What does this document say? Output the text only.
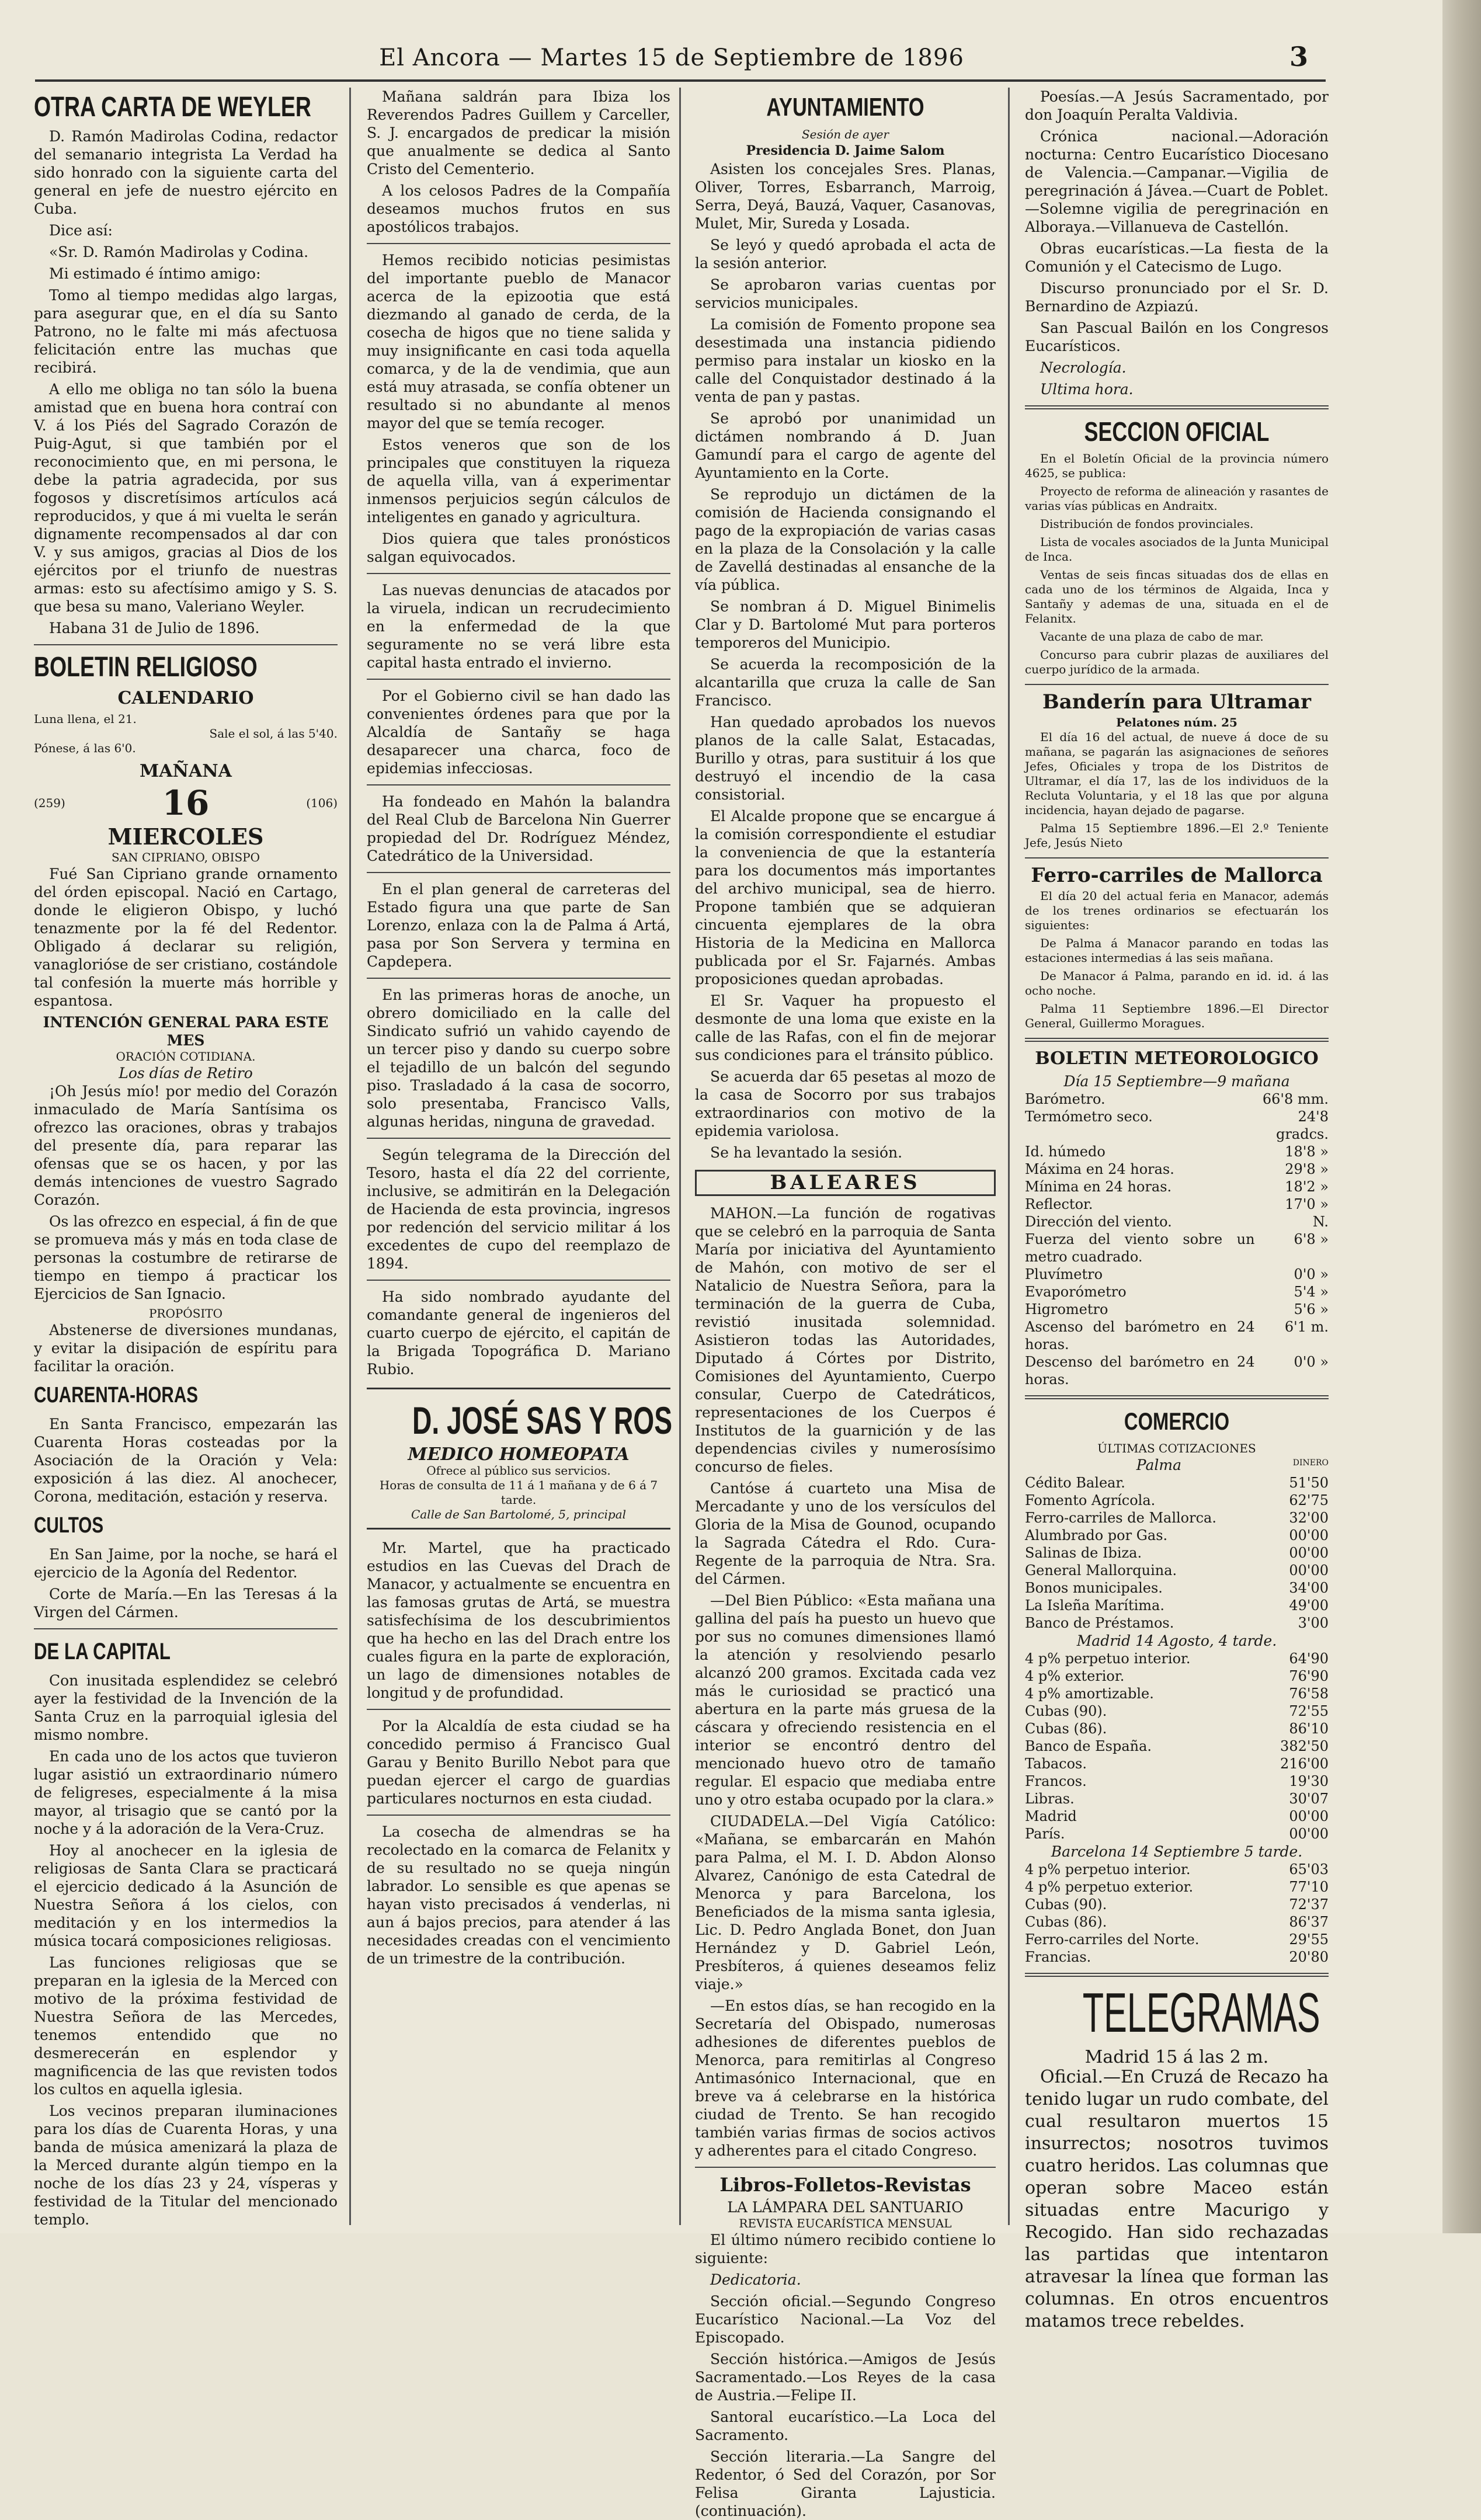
El Ancora — Martes 15 de Septiembre de 1896	3
OTRA CARTA DE WEYLER

D. Ramón Madirolas Codina, redactor del semanario integrista La Verdad ha sido honrado con la siguiente carta del general en jefe de nuestro ejército en Cuba.

Dice así:

«Sr. D. Ramón Madirolas y Codina.

Mi estimado é íntimo amigo:

Tomo al tiempo medidas algo largas, para asegurar que, en el día su Santo Patrono, no le falte mi más afectuosa felicitación entre las muchas que recibirá.

A ello me obliga no tan sólo la buena amistad que en buena hora contraí con V. á los Piés del Sagrado Corazón de Puig-Agut, si que también por el reconocimiento que, en mi persona, le debe la patria agradecida, por sus fogosos y discretísimos artículos acá reproducidos, y que á mi vuelta le serán dignamente recompensados al dar con V. y sus amigos, gracias al Dios de los ejércitos por el triunfo de nuestras armas: esto su afectísimo amigo y S. S. que besa su mano, Valeriano Weyler.

Habana 31 de Julio de 1896.

BOLETIN RELIGIOSO
CALENDARIO
Luna llena, el 21.
Sale el sol, á las 5'40.
Pónese, á las 6'0.
MAÑANA
(259)	16	(106)
MIERCOLES
SAN CIPRIANO, OBISPO

Fué San Cipriano grande ornamento del órden episcopal. Nació en Cartago, donde le eligieron Obispo, y luchó tenazmente por la fé del Redentor. Obligado á declarar su religión, vanaglorióse de ser cristiano, costándole tal confesión la muerte más horrible y espantosa.

INTENCIÓN GENERAL PARA ESTE MES
ORACIÓN COTIDIANA.
Los días de Retiro

¡Oh Jesús mío! por medio del Corazón inmaculado de María Santísima os ofrezco las oraciones, obras y trabajos del presente día, para reparar las ofensas que se os hacen, y por las demás intenciones de vuestro Sagrado Corazón.

Os las ofrezco en especial, á fin de que se promueva más y más en toda clase de personas la costumbre de retirarse de tiempo en tiempo á practicar los Ejercicios de San Ignacio.

PROPÓSITO

Abstenerse de diversiones mundanas, y evitar la disipación de espíritu para facilitar la oración.

CUARENTA-HORAS

En Santa Francisco, empezarán las Cuarenta Horas costeadas por la Asociación de la Oración y Vela: exposición á las diez. Al anochecer, Corona, meditación, estación y reserva.

CULTOS

En San Jaime, por la noche, se hará el ejercicio de la Agonía del Redentor.

Corte de María.—En las Teresas á la Virgen del Cármen.

DE LA CAPITAL

Con inusitada esplendidez se celebró ayer la festividad de la Invención de la Santa Cruz en la parroquial iglesia del mismo nombre.

En cada uno de los actos que tuvieron lugar asistió un extraordinario número de feligreses, especialmente á la misa mayor, al trisagio que se cantó por la noche y á la adoración de la Vera-Cruz.

Hoy al anochecer en la iglesia de religiosas de Santa Clara se practicará el ejercicio dedicado á la Asunción de Nuestra Señora á los cielos, con meditación y en los intermedios la música tocará composiciones religiosas.

Las funciones religiosas que se preparan en la iglesia de la Merced con motivo de la próxima festividad de Nuestra Señora de las Mercedes, tenemos entendido que no desmerecerán en esplendor y magnificencia de las que revisten todos los cultos en aquella iglesia.

Los vecinos preparan iluminaciones para los días de Cuarenta Horas, y una banda de música amenizará la plaza de la Merced durante algún tiempo en la noche de los días 23 y 24, vísperas y festividad de la Titular del mencionado templo.

Mañana saldrán para Ibiza los Reverendos Padres Guillem y Carceller, S. J. encargados de predicar la misión que anualmente se dedica al Santo Cristo del Cementerio.

A los celosos Padres de la Compañía deseamos muchos frutos en sus apostólicos trabajos.

Hemos recibido noticias pesimistas del importante pueblo de Manacor acerca de la epizootia que está diezmando al ganado de cerda, de la cosecha de higos que no tiene salida y muy insignificante en casi toda aquella comarca, y de la de vendimia, que aun está muy atrasada, se confía obtener un resultado si no abundante al menos mayor del que se temía recoger.

Estos veneros que son de los principales que constituyen la riqueza de aquella villa, van á experimentar inmensos perjuicios según cálculos de inteligentes en ganado y agricultura.

Dios quiera que tales pronósticos salgan equivocados.

Las nuevas denuncias de atacados por la viruela, indican un recrudecimiento en la enfermedad de la que seguramente no se verá libre esta capital hasta entrado el invierno.

Por el Gobierno civil se han dado las convenientes órdenes para que por la Alcaldía de Santañy se haga desaparecer una charca, foco de epidemias infecciosas.

Ha fondeado en Mahón la balandra del Real Club de Barcelona Nin Guerrer propiedad del Dr. Rodríguez Méndez, Catedrático de la Universidad.

En el plan general de carreteras del Estado figura una que parte de San Lorenzo, enlaza con la de Palma á Artá, pasa por Son Servera y termina en Capdepera.

En las primeras horas de anoche, un obrero domiciliado en la calle del Sindicato sufrió un vahido cayendo de un tercer piso y dando su cuerpo sobre el tejadillo de un balcón del segundo piso. Trasladado á la casa de socorro, solo presentaba, Francisco Valls, algunas heridas, ninguna de gravedad.

Según telegrama de la Dirección del Tesoro, hasta el día 22 del corriente, inclusive, se admitirán en la Delegación de Hacienda de esta provincia, ingresos por redención del servicio militar á los excedentes de cupo del reemplazo de 1894.

Ha sido nombrado ayudante del comandante general de ingenieros del cuarto cuerpo de ejército, el capitán de la Brigada Topográfica D. Mariano Rubio.

D. JOSÉ SAS Y ROS
MEDICO HOMEOPATA
Ofrece al público sus servicios.
Horas de consulta de 11 á 1 mañana y de 6 á 7 tarde.
Calle de San Bartolomé, 5, principal

Mr. Martel, que ha practicado estudios en las Cuevas del Drach de Manacor, y actualmente se encuentra en las famosas grutas de Artá, se muestra satisfechísima de los descubrimientos que ha hecho en las del Drach entre los cuales figura en la parte de exploración, un lago de dimensiones notables de longitud y de profundidad.

Por la Alcaldía de esta ciudad se ha concedido permiso á Francisco Gual Garau y Benito Burillo Nebot para que puedan ejercer el cargo de guardias particulares nocturnos en esta ciudad.

La cosecha de almendras se ha recolectado en la comarca de Felanitx y de su resultado no se queja ningún labrador. Lo sensible es que apenas se hayan visto precisados á venderlas, ni aun á bajos precios, para atender á las necesidades creadas con el vencimiento de un trimestre de la contribución.

AYUNTAMIENTO
Sesión de ayer
Presidencia D. Jaime Salom

Asisten los concejales Sres. Planas, Oliver, Torres, Esbarranch, Marroig, Serra, Deyá, Bauzá, Vaquer, Casanovas, Mulet, Mir, Sureda y Losada.

Se leyó y quedó aprobada el acta de la sesión anterior.

Se aprobaron varias cuentas por servicios municipales.

La comisión de Fomento propone sea desestimada una instancia pidiendo permiso para instalar un kiosko en la calle del Conquistador destinado á la venta de pan y pastas.

Se aprobó por unanimidad un dictámen nombrando á D. Juan Gamundí para el cargo de agente del Ayuntamiento en la Corte.

Se reprodujo un dictámen de la comisión de Hacienda consignando el pago de la expropiación de varias casas en la plaza de la Consolación y la calle de Zavellá destinadas al ensanche de la vía pública.

Se nombran á D. Miguel Binimelis Clar y D. Bartolomé Mut para porteros temporeros del Municipio.

Se acuerda la recomposición de la alcantarilla que cruza la calle de San Francisco.

Han quedado aprobados los nuevos planos de la calle Salat, Estacadas, Burillo y otras, para sustituir á los que destruyó el incendio de la casa consistorial.

El Alcalde propone que se encargue á la comisión correspondiente el estudiar la conveniencia de que la estantería para los documentos más importantes del archivo municipal, sea de hierro. Propone también que se adquieran cincuenta ejemplares de la obra Historia de la Medicina en Mallorca publicada por el Sr. Fajarnés. Ambas proposiciones quedan aprobadas.

El Sr. Vaquer ha propuesto el desmonte de una loma que existe en la calle de las Rafas, con el fin de mejorar sus condiciones para el tránsito público.

Se acuerda dar 65 pesetas al mozo de la casa de Socorro por sus trabajos extraordinarios con motivo de la epidemia variolosa.

Se ha levantado la sesión.

BALEARES

MAHON.—La función de rogativas que se celebró en la parroquia de Santa María por iniciativa del Ayuntamiento de Mahón, con motivo de ser el Natalicio de Nuestra Señora, para la terminación de la guerra de Cuba, revistió inusitada solemnidad. Asistieron todas las Autoridades, Diputado á Córtes por Distrito, Comisiones del Ayuntamiento, Cuerpo consular, Cuerpo de Catedráticos, representaciones de los Cuerpos é Institutos de la guarnición y de las dependencias civiles y numerosísimo concurso de fieles.

Cantóse á cuarteto una Misa de Mercadante y uno de los versículos del Gloria de la Misa de Gounod, ocupando la Sagrada Cátedra el Rdo. Cura-Regente de la parroquia de Ntra. Sra. del Cármen.

—Del Bien Público: «Esta mañana una gallina del país ha puesto un huevo que por sus no comunes dimensiones llamó la atención y resolviendo pesarlo alcanzó 200 gramos. Excitada cada vez más le curiosidad se practicó una abertura en la parte más gruesa de la cáscara y ofreciendo resistencia en el interior se encontró dentro del mencionado huevo otro de tamaño regular. El espacio que mediaba entre uno y otro estaba ocupado por la clara.»

CIUDADELA.—Del Vigía Católico: «Mañana, se embarcarán en Mahón para Palma, el M. I. D. Abdon Alonso Alvarez, Canónigo de esta Catedral de Menorca y para Barcelona, los Beneficiados de la misma santa iglesia, Lic. D. Pedro Anglada Bonet, don Juan Hernández y D. Gabriel León, Presbíteros, á quienes deseamos feliz viaje.»

—En estos días, se han recogido en la Secretaría del Obispado, numerosas adhesiones de diferentes pueblos de Menorca, para remitirlas al Congreso Antimasónico Internacional, que en breve va á celebrarse en la histórica ciudad de Trento. Se han recogido también varias firmas de socios activos y adherentes para el citado Congreso.

Libros-Folletos-Revistas
LA LÁMPARA DEL SANTUARIO
REVISTA EUCARÍSTICA MENSUAL

El último número recibido contiene lo siguiente:

Dedicatoria.

Sección oficial.—Segundo Congreso Eucarístico Nacional.—La Voz del Episcopado.

Sección histórica.—Amigos de Jesús Sacramentado.—Los Reyes de la casa de Austria.—Felipe II.

Santoral eucarístico.—La Loca del Sacramento.

Sección literaria.—La Sangre del Redentor, ó Sed del Corazón, por Sor Felisa Giranta Lajusticia. (continuación).

Poesías.—A Jesús Sacramentado, por don Joaquín Peralta Valdivia.

Crónica nacional.—Adoración nocturna: Centro Eucarístico Diocesano de Valencia.—Campanar.—Vigilia de peregrinación á Jávea.—Cuart de Poblet.—Solemne vigilia de peregrinación en Alboraya.—Villanueva de Castellón.

Obras eucarísticas.—La fiesta de la Comunión y el Catecismo de Lugo.

Discurso pronunciado por el Sr. D. Bernardino de Azpiazú.

San Pascual Bailón en los Congresos Eucarísticos.

Necrología.

Ultima hora.

SECCION OFICIAL

En el Boletín Oficial de la provincia número 4625, se publica:

Proyecto de reforma de alineación y rasantes de varias vías públicas en Andraitx.

Distribución de fondos provinciales.

Lista de vocales asociados de la Junta Municipal de Inca.

Ventas de seis fincas situadas dos de ellas en cada uno de los términos de Algaida, Inca y Santañy y ademas de una, situada en el de Felanitx.

Vacante de una plaza de cabo de mar.

Concurso para cubrir plazas de auxiliares del cuerpo jurídico de la armada.

Banderín para Ultramar
Pelatones núm. 25

El día 16 del actual, de nueve á doce de su mañana, se pagarán las asignaciones de señores Jefes, Oficiales y tropa de los Distritos de Ultramar, el día 17, las de los individuos de la Recluta Voluntaria, y el 18 las que por alguna incidencia, hayan dejado de pagarse.

Palma 15 Septiembre 1896.—El 2.º Teniente Jefe, Jesús Nieto

Ferro-carriles de Mallorca

El día 20 del actual feria en Manacor, además de los trenes ordinarios se efectuarán los siguientes:

De Palma á Manacor parando en todas las estaciones intermedias á las seis mañana.

De Manacor á Palma, parando en id. id. á las ocho noche.

Palma 11 Septiembre 1896.—El Director General, Guillermo Moragues.

BOLETIN METEOROLOGICO
Día 15 Septiembre—9 mañana
Barómetro.	66'8 mm.
Termómetro seco.	24'8 gradcs.
Id. húmedo	18'8 »
Máxima en 24 horas.	29'8 »
Mínima en 24 horas.	18'2 »
Reflector.	17'0 »
Dirección del viento.	N.
Fuerza del viento sobre un metro cuadrado.	6'8 »
Pluvímetro	0'0 »
Evaporómetro	5'4 »
Higrometro	5'6 »
Ascenso del barómetro en 24 horas.	6'1 m.
Descenso del barómetro en 24 horas.	0'0 »
COMERCIO
ÚLTIMAS COTIZACIONES
Palma	DINERO
Cédito Balear.	51'50
Fomento Agrícola.	62'75
Ferro-carriles de Mallorca.	32'00
Alumbrado por Gas.	00'00
Salinas de Ibiza.	00'00
General Mallorquina.	00'00
Bonos municipales.	34'00
La Isleña Marítima.	49'00
Banco de Préstamos.	3'00
Madrid 14 Agosto, 4 tarde.
4 p% perpetuo interior.	64'90
4 p% exterior.	76'90
4 p% amortizable.	76'58
Cubas (90).	72'55
Cubas (86).	86'10
Banco de España.	382'50
Tabacos.	216'00
Francos.	19'30
Libras.	30'07
Madrid	00'00
París.	00'00
Barcelona 14 Septiembre 5 tarde.
4 p% perpetuo interior.	65'03
4 p% perpetuo exterior.	77'10
Cubas (90).	72'37
Cubas (86).	86'37
Ferro-carriles del Norte.	29'55
Francias.	20'80
TELEGRAMAS
Madrid 15 á las 2 m.

Oficial.—En Cruzá de Recazo ha tenido lugar un rudo combate, del cual resultaron muertos 15 insurrectos; nosotros tuvimos cuatro heridos. Las columnas que operan sobre Maceo están situadas entre Macurigo y Recogido. Han sido rechazadas las partidas que intentaron atravesar la línea que forman las columnas. En otros encuentros matamos trece rebeldes.
